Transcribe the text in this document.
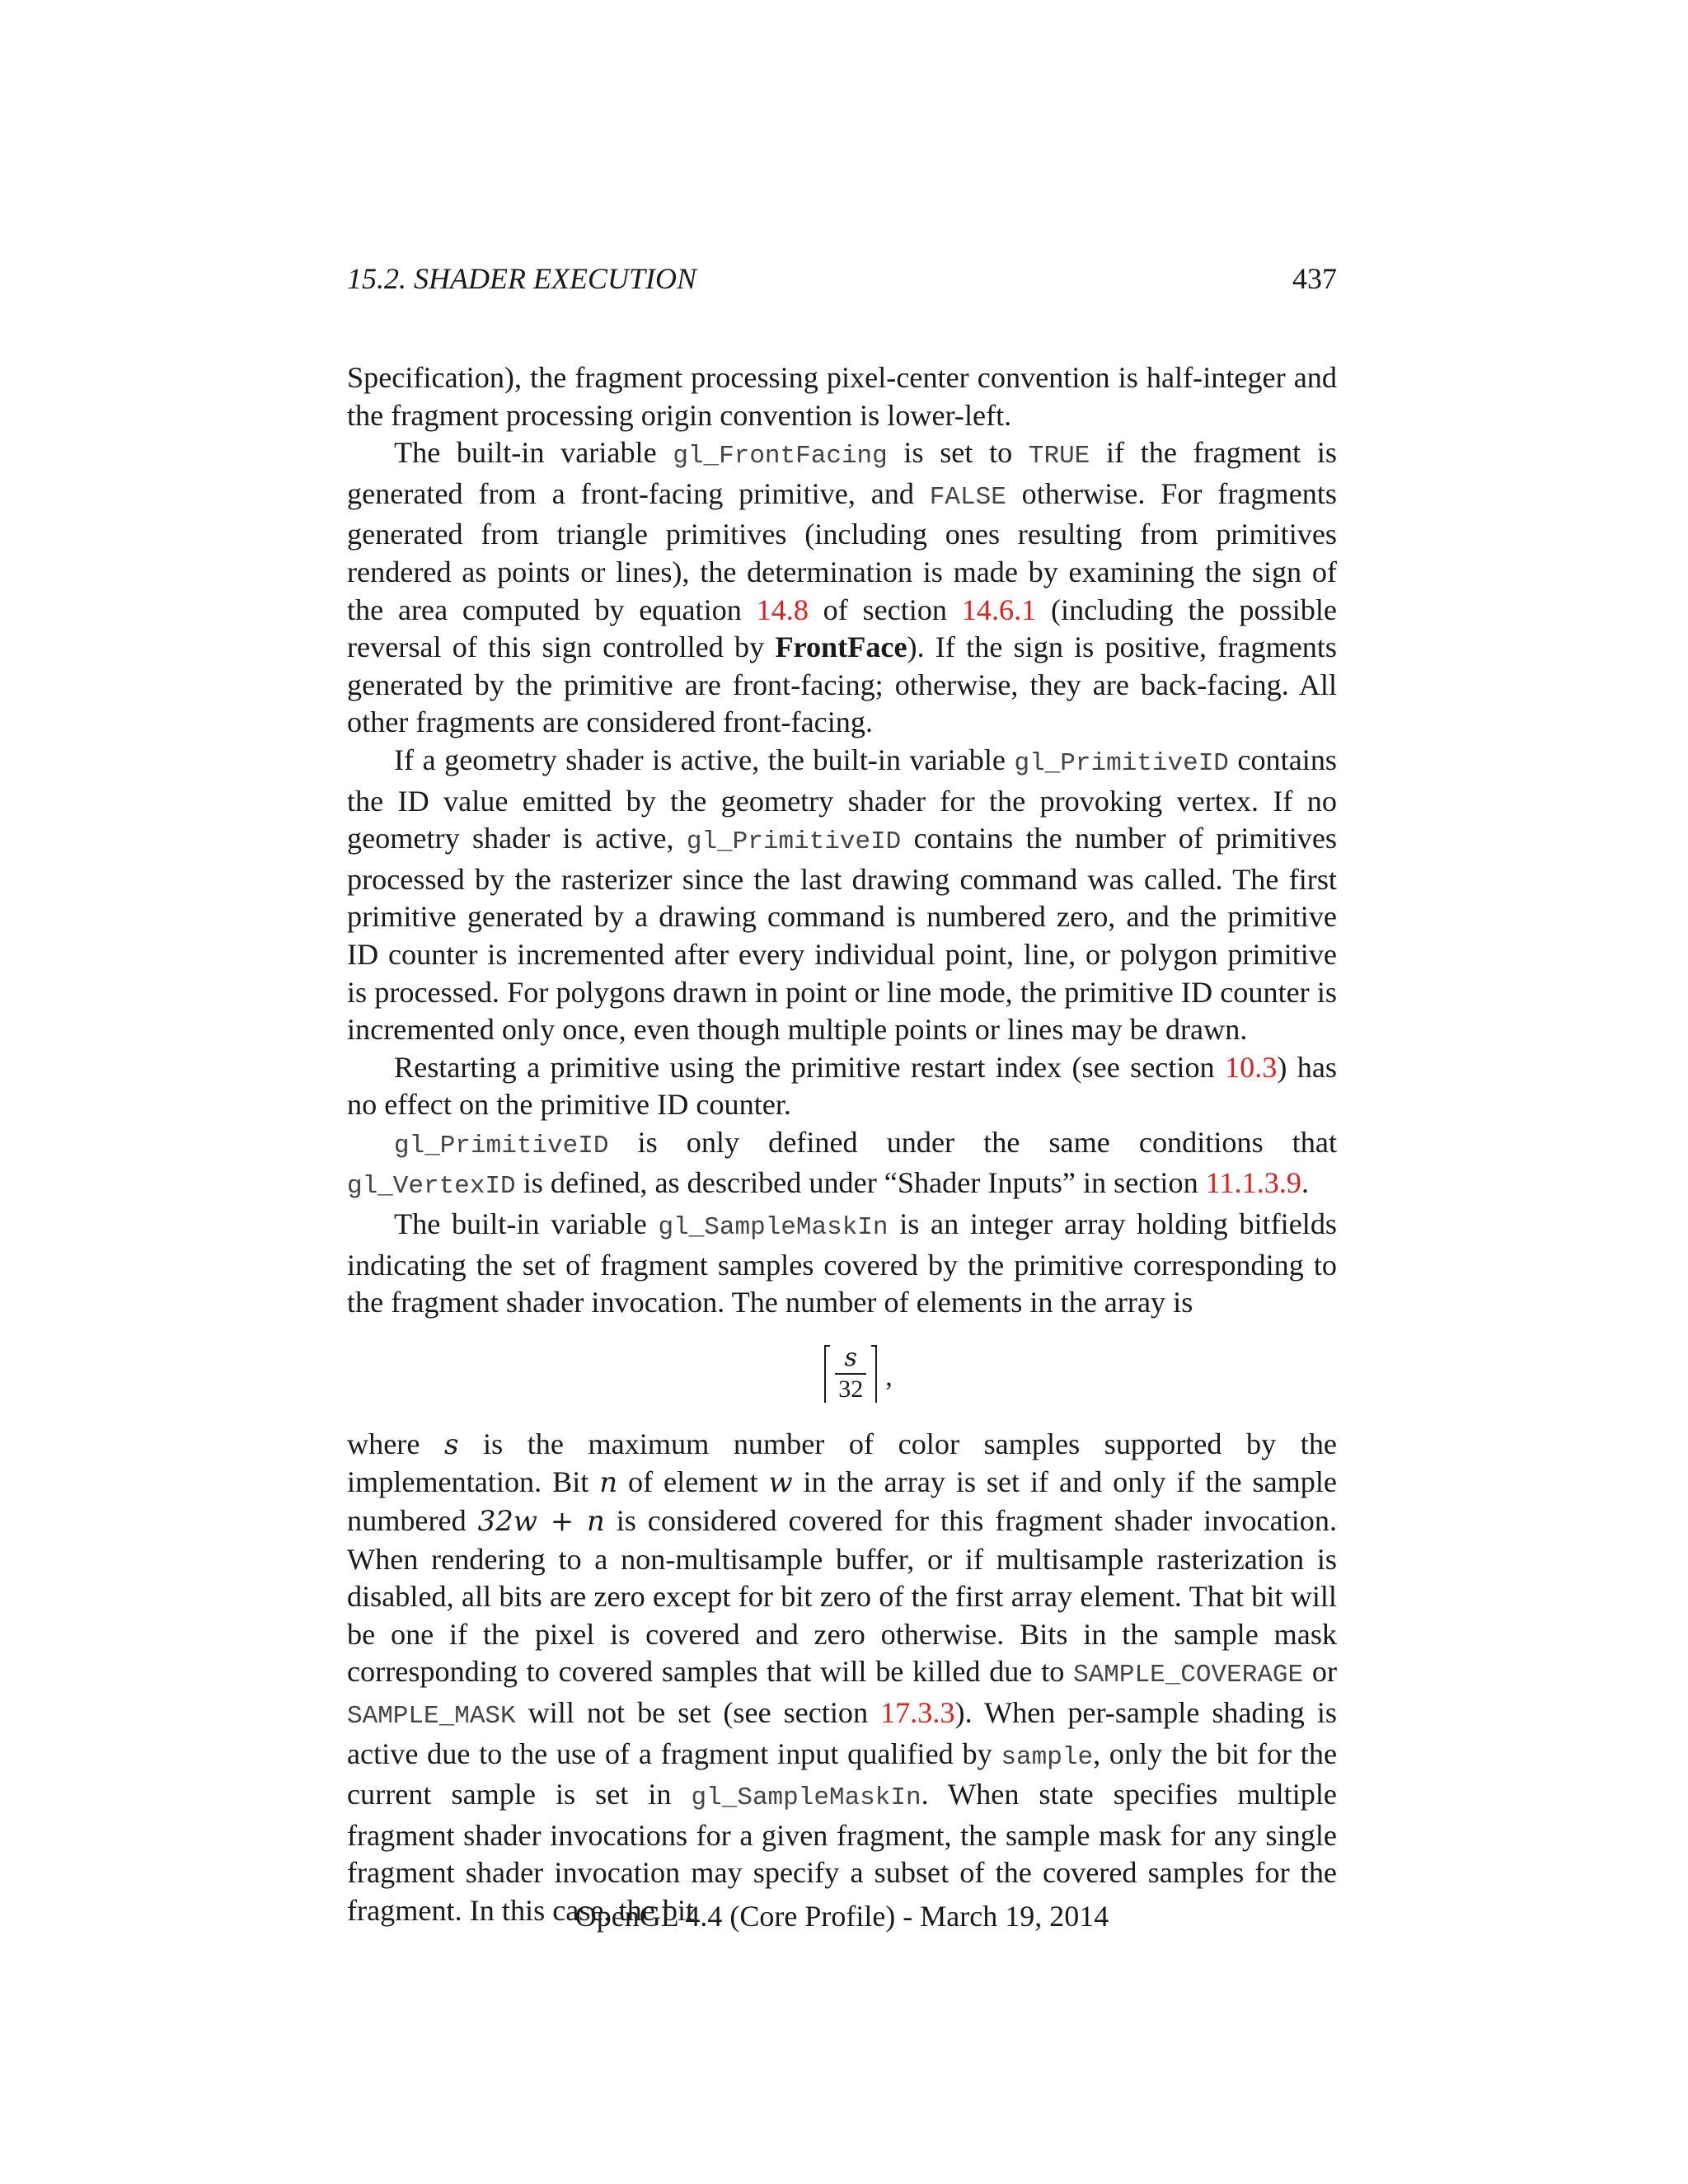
15.2. SHADER EXECUTION	437

Specification), the fragment processing pixel-center convention is half-integer and the fragment processing origin convention is lower-left.

The built-in variable gl_FrontFacing is set to TRUE if the fragment is generated from a front-facing primitive, and FALSE otherwise. For fragments generated from triangle primitives (including ones resulting from primitives rendered as points or lines), the determination is made by examining the sign of the area computed by equation 14.8 of section 14.6.1 (including the possible reversal of this sign controlled by FrontFace). If the sign is positive, fragments generated by the primitive are front-facing; otherwise, they are back-facing. All other fragments are considered front-facing.

If a geometry shader is active, the built-in variable gl_PrimitiveID contains the ID value emitted by the geometry shader for the provoking vertex. If no geometry shader is active, gl_PrimitiveID contains the number of primitives processed by the rasterizer since the last drawing command was called. The first primitive generated by a drawing command is numbered zero, and the primitive ID counter is incremented after every individual point, line, or polygon primitive is processed. For polygons drawn in point or line mode, the primitive ID counter is incremented only once, even though multiple points or lines may be drawn.

Restarting a primitive using the primitive restart index (see section 10.3) has no effect on the primitive ID counter.

gl_PrimitiveID is only defined under the same conditions that gl_VertexID is defined, as described under “Shader Inputs” in section 11.1.3.9.

The built-in variable gl_SampleMaskIn is an integer array holding bitfields indicating the set of fragment samples covered by the primitive corresponding to the fragment shader invocation. The number of elements in the array is

$\frac{s}{32}$ ,

where s is the maximum number of color samples supported by the implementation. Bit n of element w in the array is set if and only if the sample numbered 32w + n is considered covered for this fragment shader invocation. When rendering to a non-multisample buffer, or if multisample rasterization is disabled, all bits are zero except for bit zero of the first array element. That bit will be one if the pixel is covered and zero otherwise. Bits in the sample mask corresponding to covered samples that will be killed due to SAMPLE_COVERAGE or SAMPLE_MASK will not be set (see section 17.3.3). When per-sample shading is active due to the use of a fragment input qualified by sample, only the bit for the current sample is set in gl_SampleMaskIn. When state specifies multiple fragment shader invocations for a given fragment, the sample mask for any single fragment shader invocation may specify a subset of the covered samples for the fragment. In this case, the bit

OpenGL 4.4 (Core Profile) - March 19, 2014
